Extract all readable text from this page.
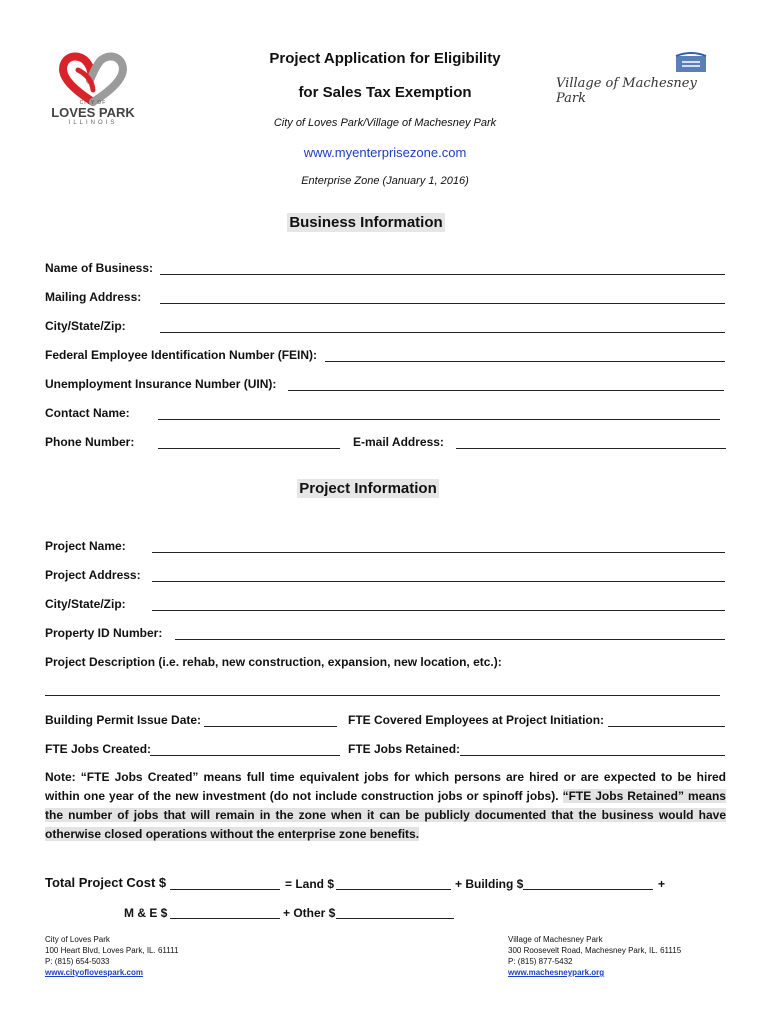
CITY OF
LOVES PARK
ILLINOIS
Village of Machesney Park
Project Application for Eligibility
for Sales Tax Exemption
City of Loves Park/Village of Machesney Park
www.myenterprisezone.com
Enterprise Zone (January 1, 2016)
Business Information
Name of Business:
Mailing Address:
City/State/Zip:
Federal Employee Identification Number (FEIN):
Unemployment Insurance Number (UIN):
Contact Name:
Phone Number:	E-mail Address:
Project Information
Project Name:
Project Address:
City/State/Zip:
Property ID Number:
Project Description (i.e. rehab, new construction, expansion, new location, etc.):
Building Permit Issue Date:	FTE Covered Employees at Project Initiation:
FTE Jobs Created:	FTE Jobs Retained:
Note: “FTE Jobs Created” means full time equivalent jobs for which persons are hired or are expected to be hired within one year of the new investment (do not include construction jobs or spinoff jobs). “FTE Jobs Retained” means the number of jobs that will remain in the zone when it can be publicly documented that the business would have otherwise closed operations without the enterprise zone benefits.
Total Project Cost $	= Land $	+ Building $	+
M & E $	+ Other $
City of Loves Park
100 Heart Blvd, Loves Park, IL. 61111
P: (815) 654-5033
www.cityoflovespark.com
Village of Machesney Park
300 Roosevelt Road, Machesney Park, IL. 61115
P: (815) 877-5432
www.machesneypark.org
